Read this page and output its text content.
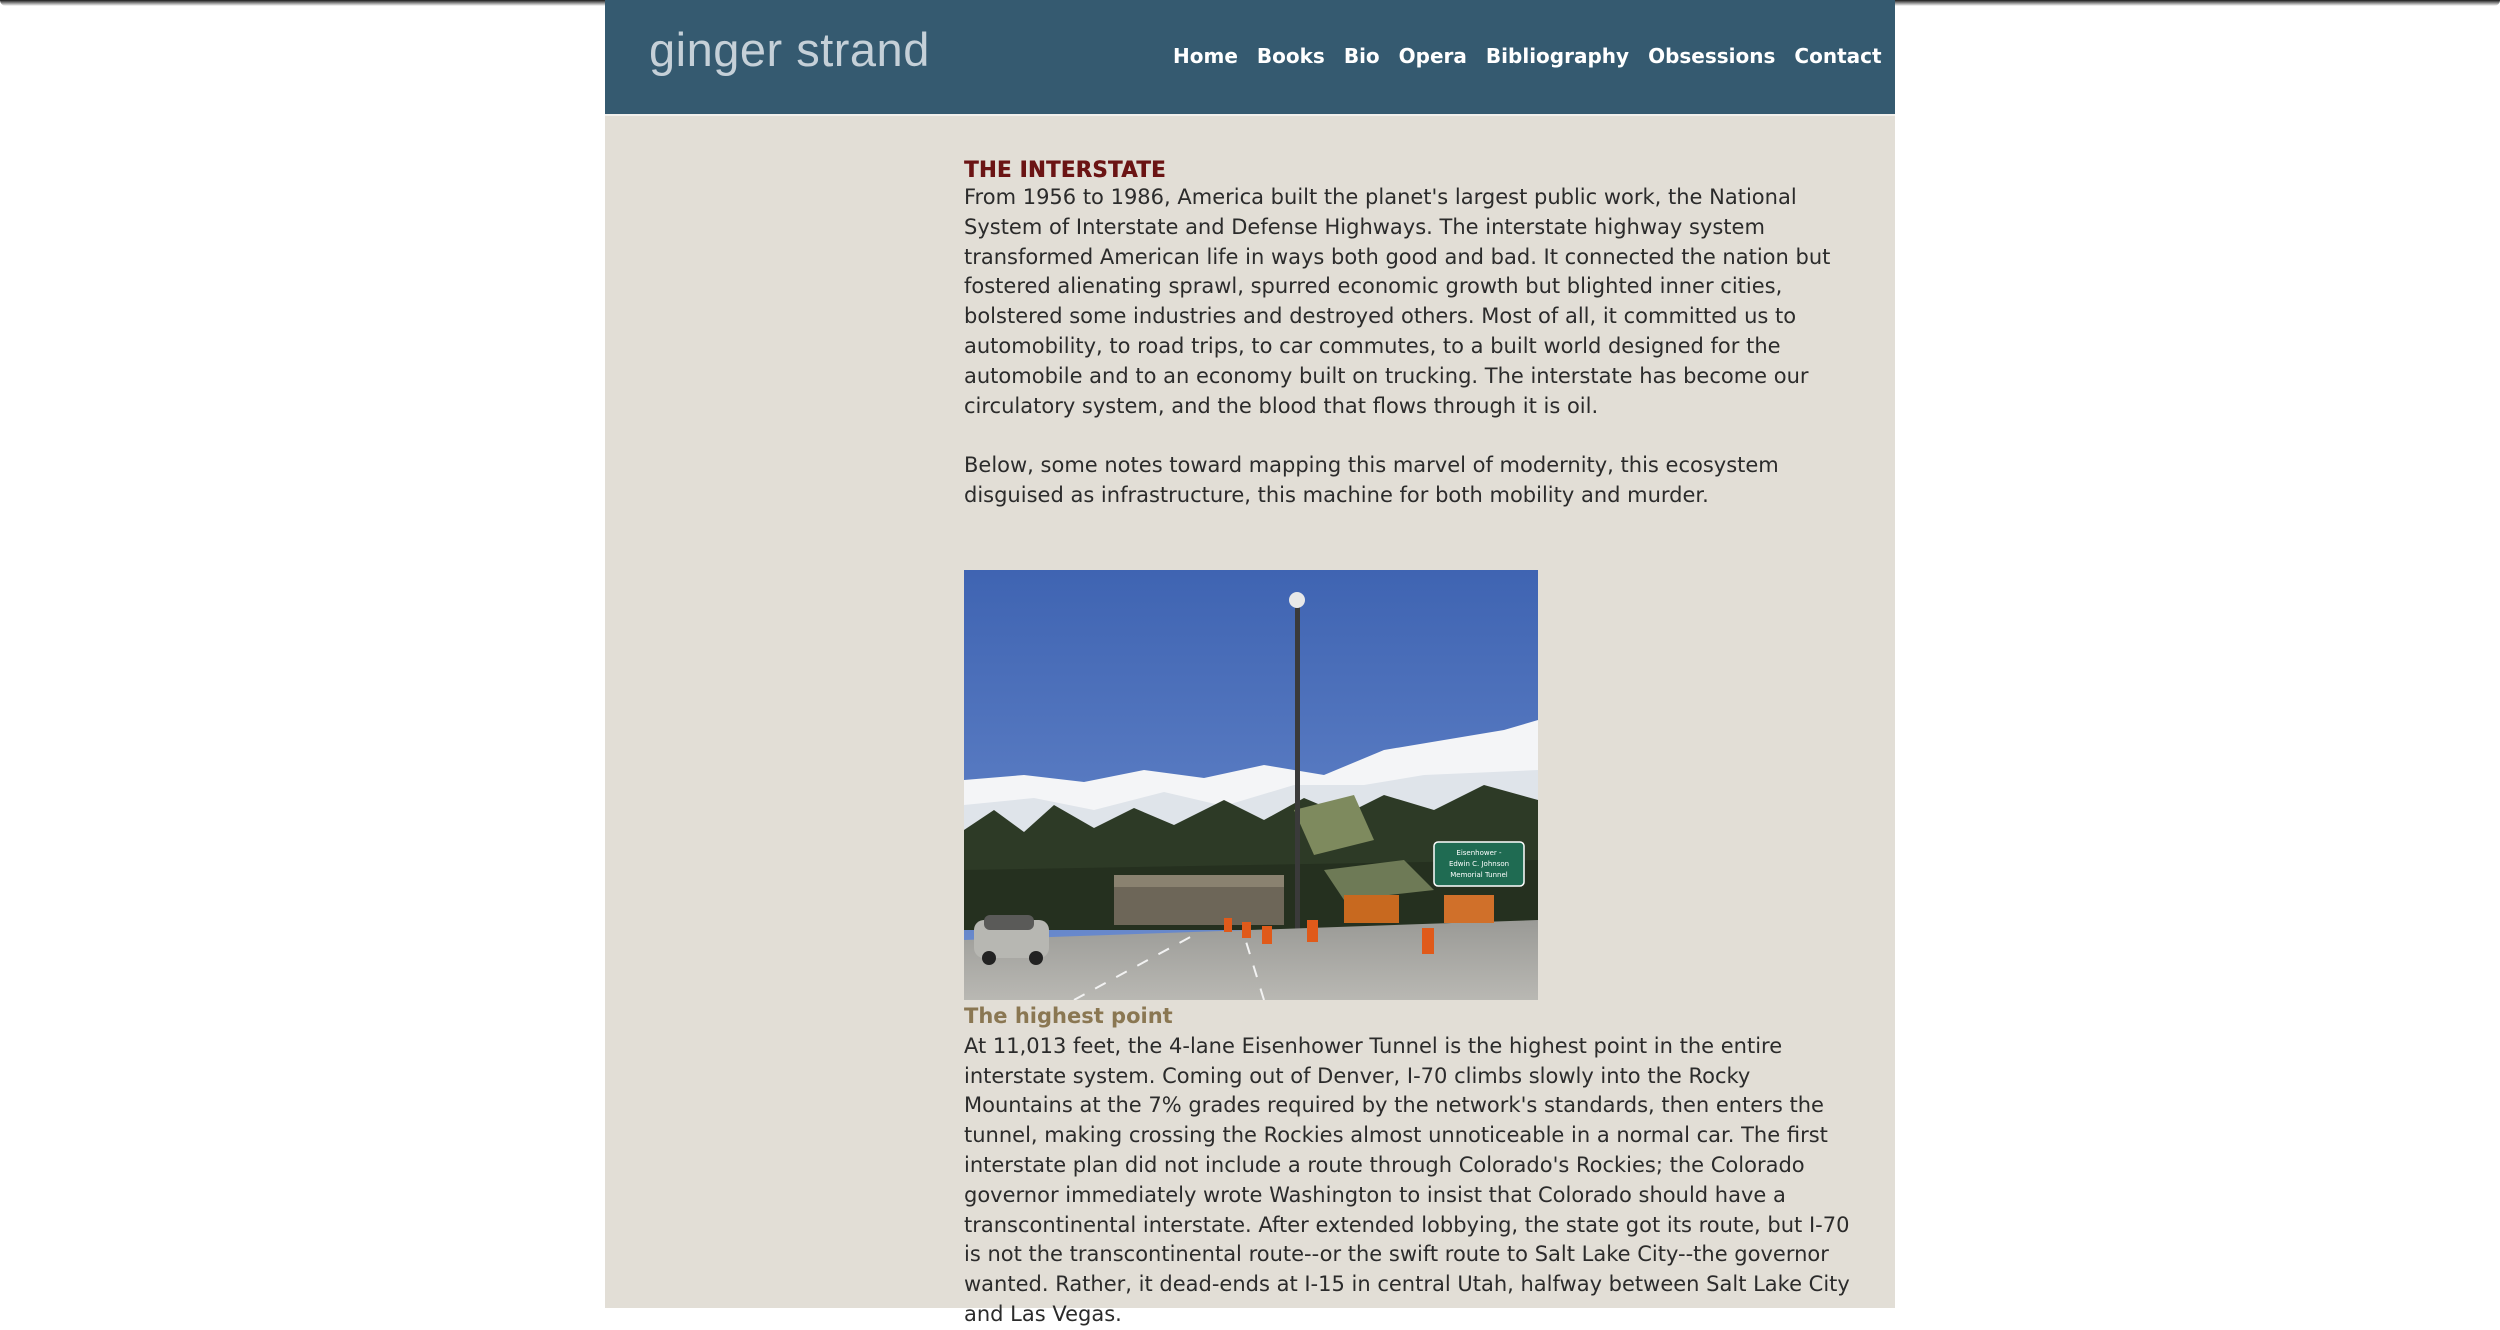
ginger strand	Home Books Bio Opera Bibliography Obsessions Contact
THE INTERSTATE

From 1956 to 1986, America built the planet's largest public work, the National System of Interstate and Defense Highways. The interstate highway system transformed American life in ways both good and bad. It connected the nation but fostered alienating sprawl, spurred economic growth but blighted inner cities, bolstered some industries and destroyed others. Most of all, it committed us to automobility, to road trips, to car commutes, to a built world designed for the automobile and to an economy built on trucking. The interstate has become our circulatory system, and the blood that flows through it is oil.

Below, some notes toward mapping this marvel of modernity, this ecosystem disguised as infrastructure, this machine for both mobility and murder.

Eisenhower -
Edwin C. Johnson
Memorial Tunnel
The highest point

At 11,013 feet, the 4-lane Eisenhower Tunnel is the highest point in the entire interstate system. Coming out of Denver, I-70 climbs slowly into the Rocky Mountains at the 7% grades required by the network's standards, then enters the tunnel, making crossing the Rockies almost unnoticeable in a normal car. The first interstate plan did not include a route through Colorado's Rockies; the Colorado governor immediately wrote Washington to insist that Colorado should have a transcontinental interstate. After extended lobbying, the state got its route, but I-70 is not the transcontinental route--or the swift route to Salt Lake City--the governor wanted. Rather, it dead-ends at I-15 in central Utah, halfway between Salt Lake City and Las Vegas.
